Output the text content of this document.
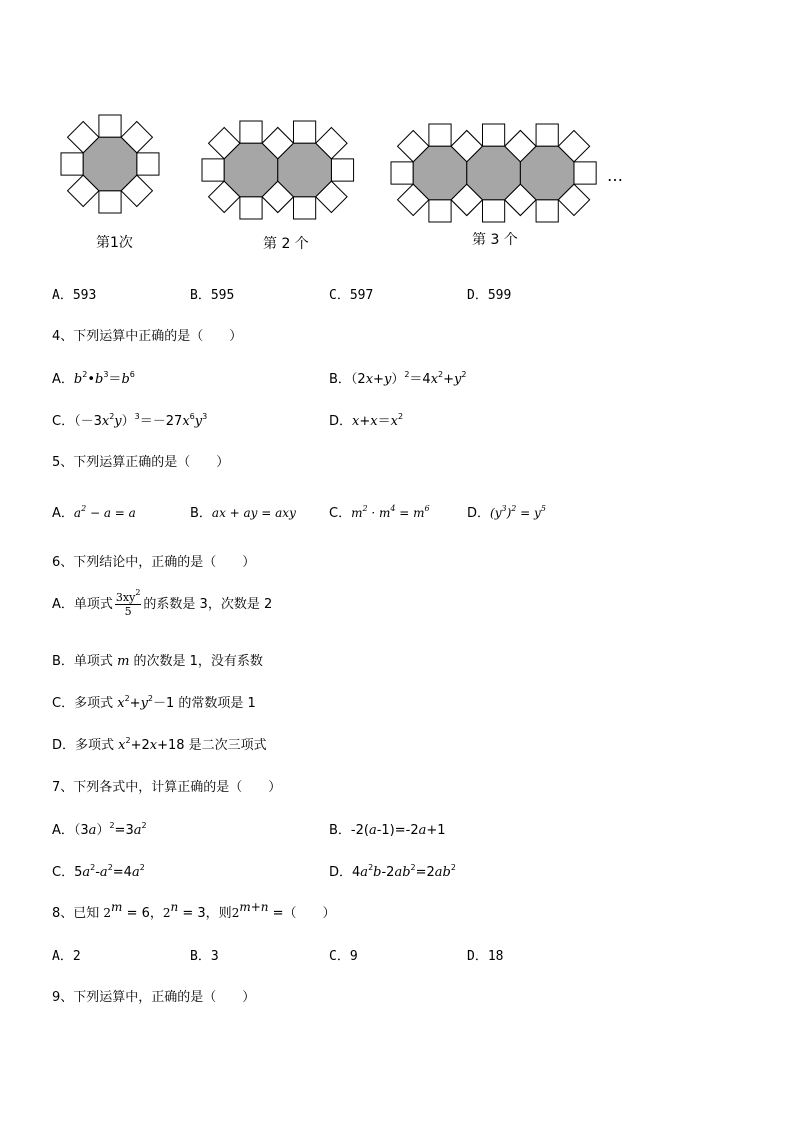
第1次	第 2 个	第 3 个
…
A．593	B．595	C．597	D．599
4、下列运算中正确的是（　　）
A．$b^2•b^3=b^6$	B．$(2x+y)^2=4x^2+y^2$
C．$(-3x^2y)^3=-27x^6y^3$	D．$x+x=x^2$
5、下列运算正确的是（　　）
A．$a^2 - a = a$	B．ax + ay = axy	C．$m^2 \cdot m^4 = m^6$	D．$(y^3)^2 = y^5$
6、下列结论中，正确的是（　　）
A．单项式 $\frac{3xy^2}{5}$ 的系数是 3，次数是 2
B．单项式 m 的次数是 1，没有系数
C．多项式 $x^2+y^2-1$ 的常数项是 1
D．多项式 $x^2+2x+18$ 是二次三项式
7、下列各式中，计算正确的是（　　）
A．$(3a)^2=3a^2$	B．-2(a-1)=-2a+1
C．$5a^2-a^2=4a^2$	D．$4a^2b-2ab^2=2ab^2$
8、已知 $2^m = 6$，$2^n = 3$，则$2^{m+n}$ =（　　）
A．2	B．3	C．9	D．18
9、下列运算中，正确的是（　　）
